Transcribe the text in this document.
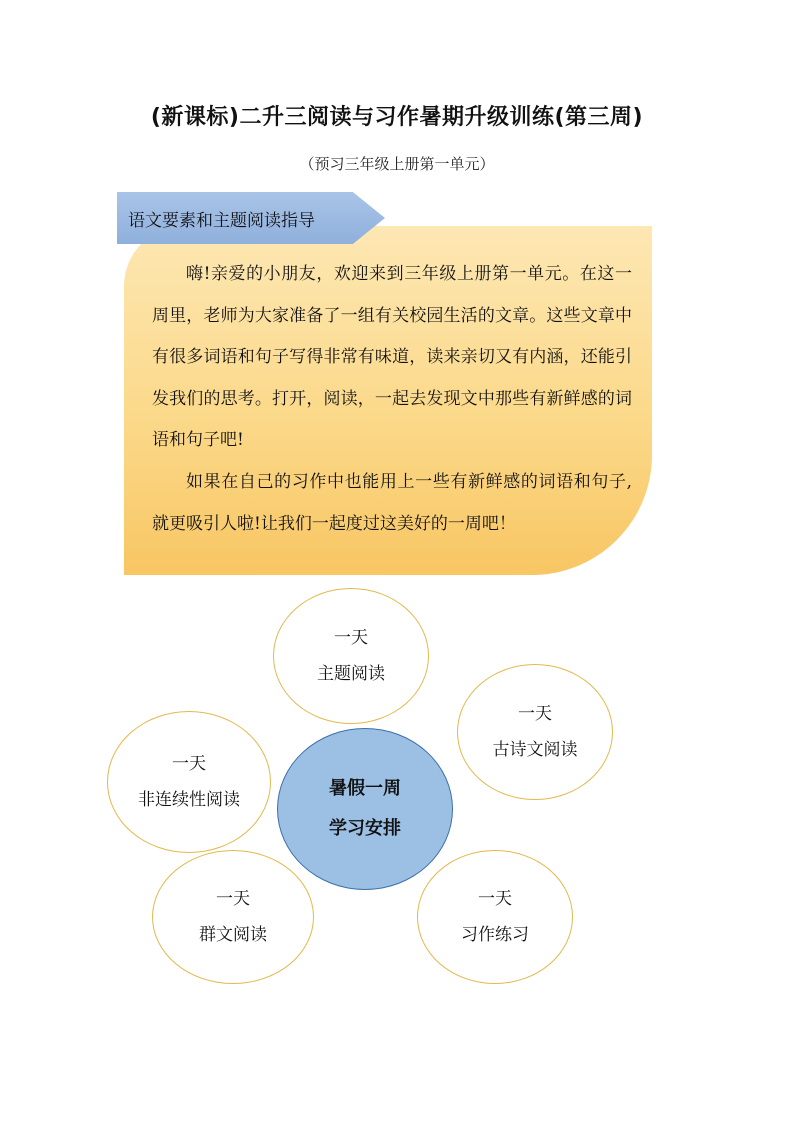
(新课标)二升三阅读与习作暑期升级训练(第三周)
（预习三年级上册第一单元）
语文要素和主题阅读指导

嗨!亲爱的小朋友，欢迎来到三年级上册第一单元。在这一周里，老师为大家准备了一组有关校园生活的文章。这些文章中有很多词语和句子写得非常有味道，读来亲切又有内涵，还能引发我们的思考。打开，阅读，一起去发现文中那些有新鲜感的词语和句子吧!

如果在自己的习作中也能用上一些有新鲜感的词语和句子,就更吸引人啦!让我们一起度过这美好的一周吧！

一天
主题阅读
一天
古诗文阅读
一天
非连续性阅读
一天
群文阅读
一天
习作练习
暑假一周
学习安排
